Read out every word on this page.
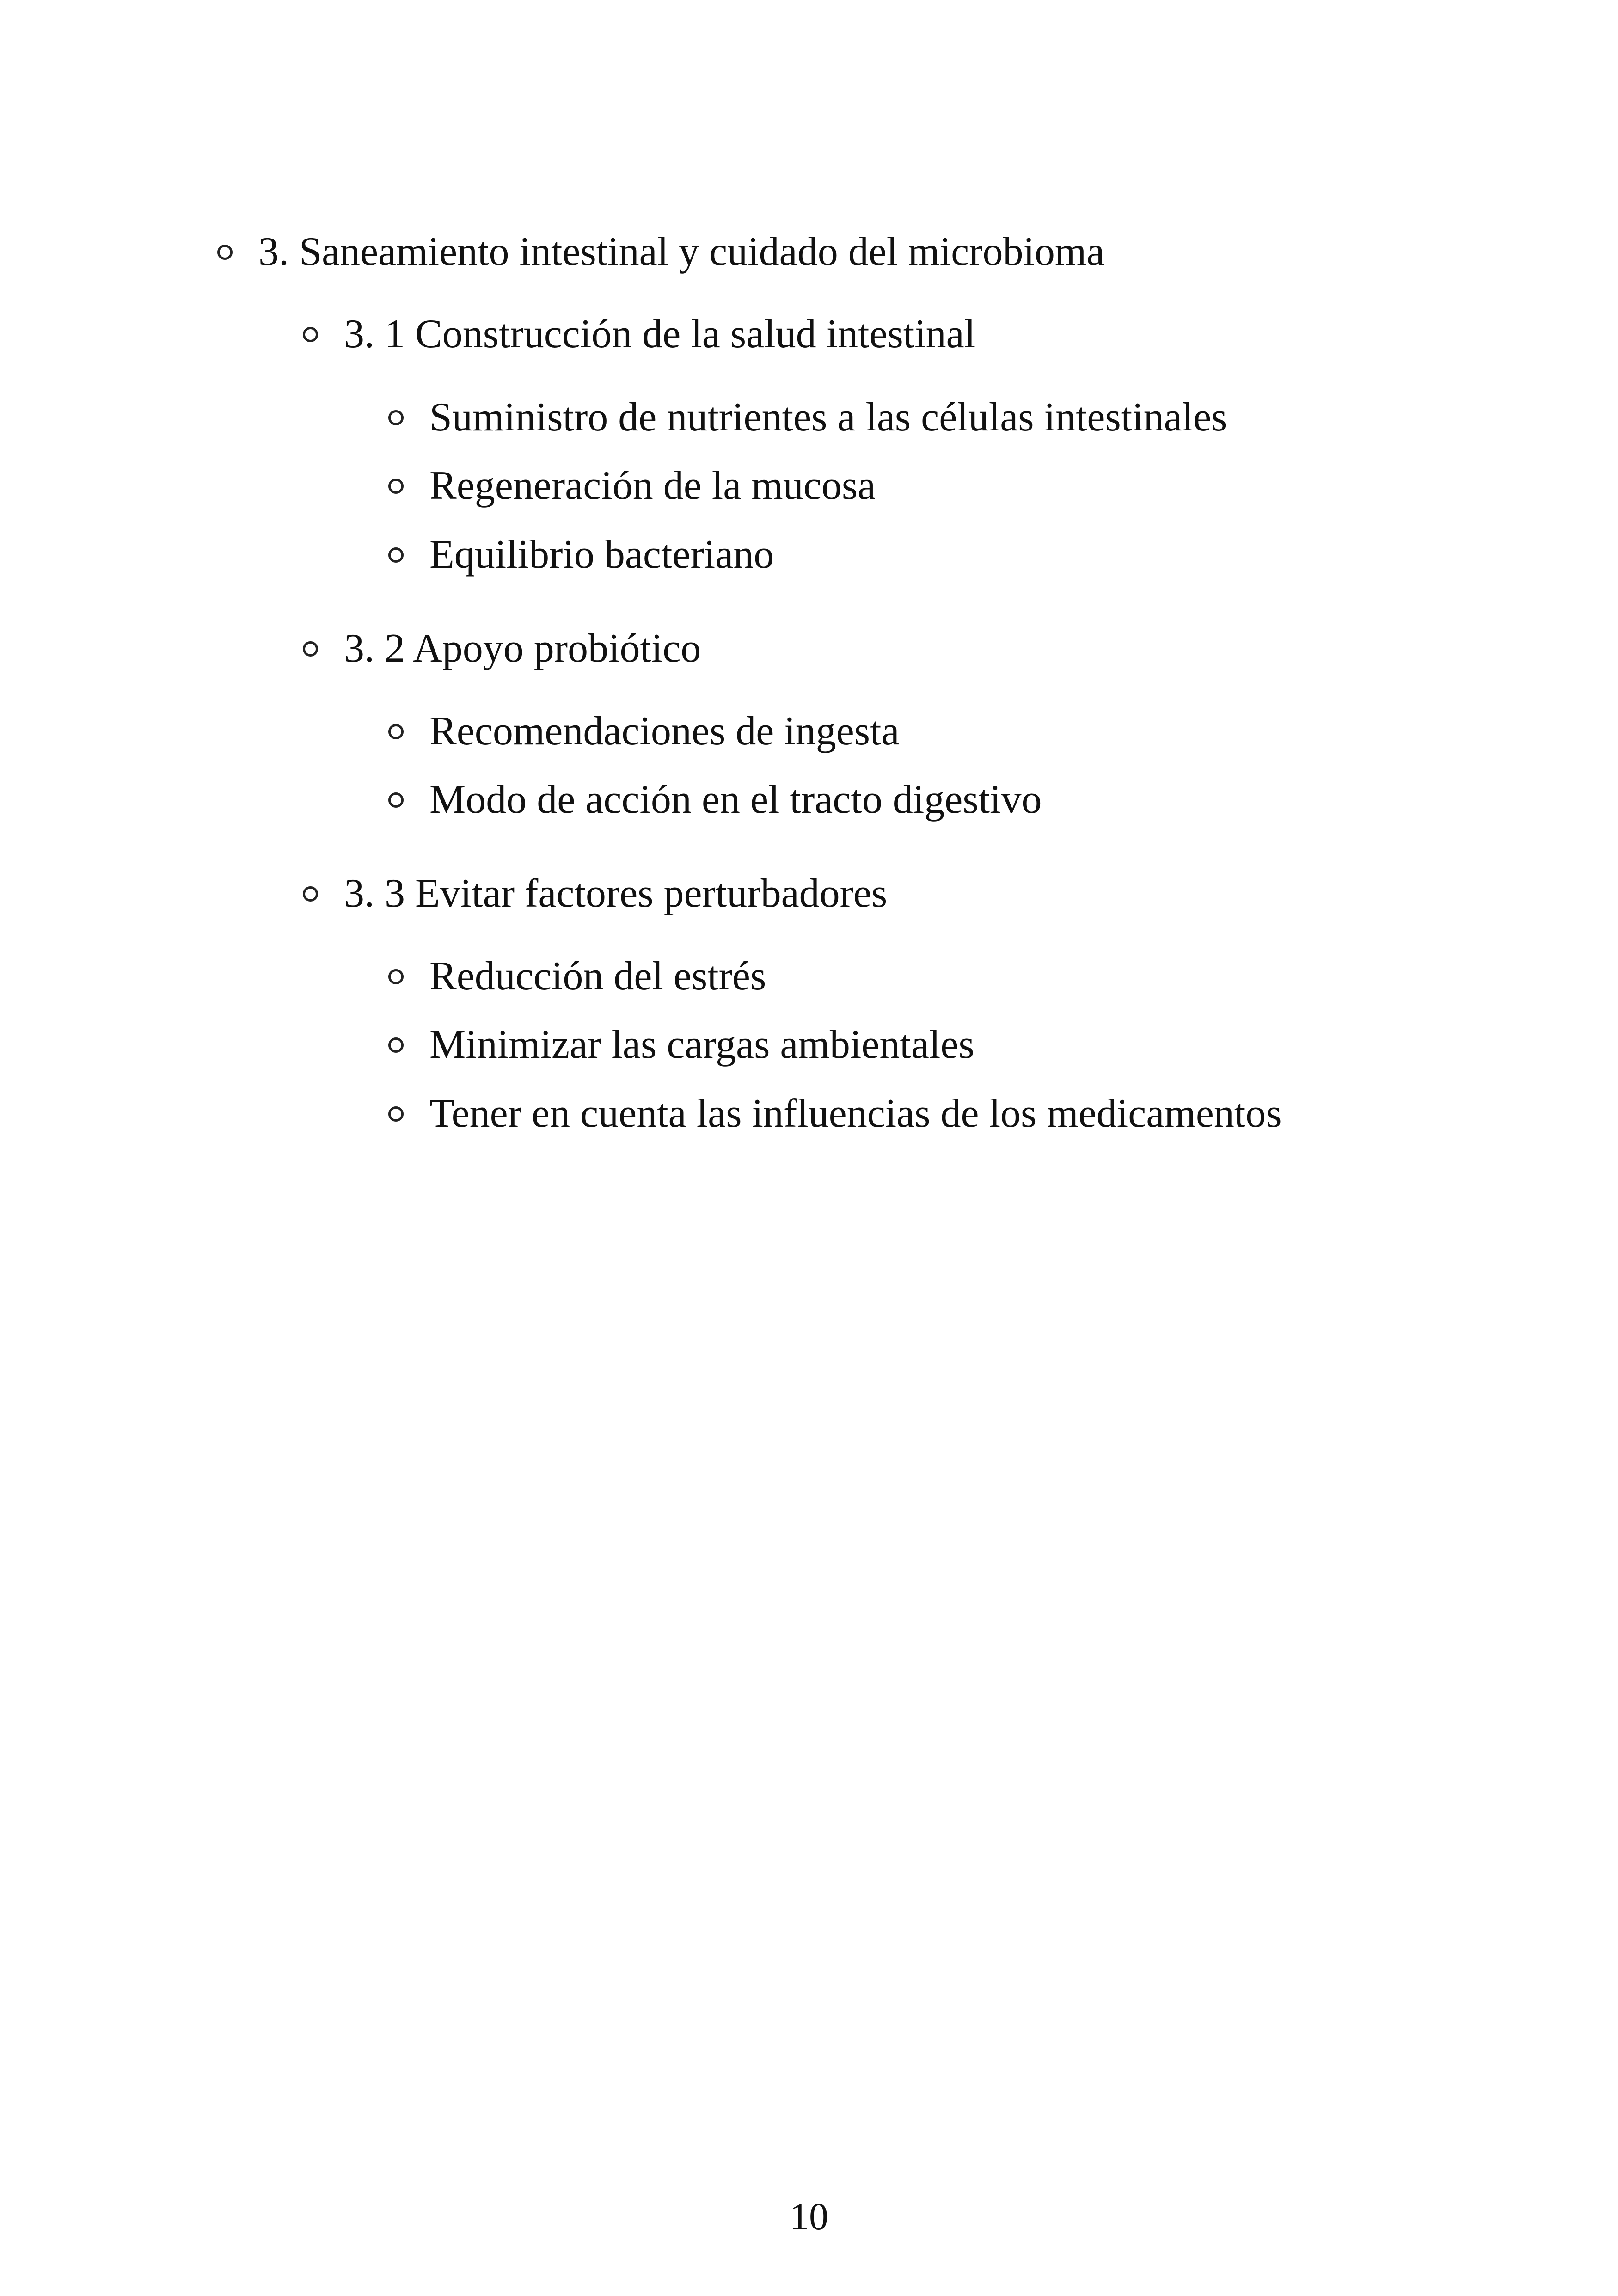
3. Saneamiento intestinal y cuidado del microbioma
3. 1 Construcción de la salud intestinal
Suministro de nutrientes a las células intestinales
Regeneración de la mucosa
Equilibrio bacteriano
3. 2 Apoyo probiótico
Recomendaciones de ingesta
Modo de acción en el tracto digestivo
3. 3 Evitar factores perturbadores
Reducción del estrés
Minimizar las cargas ambientales
Tener en cuenta las influencias de los medicamentos
10
